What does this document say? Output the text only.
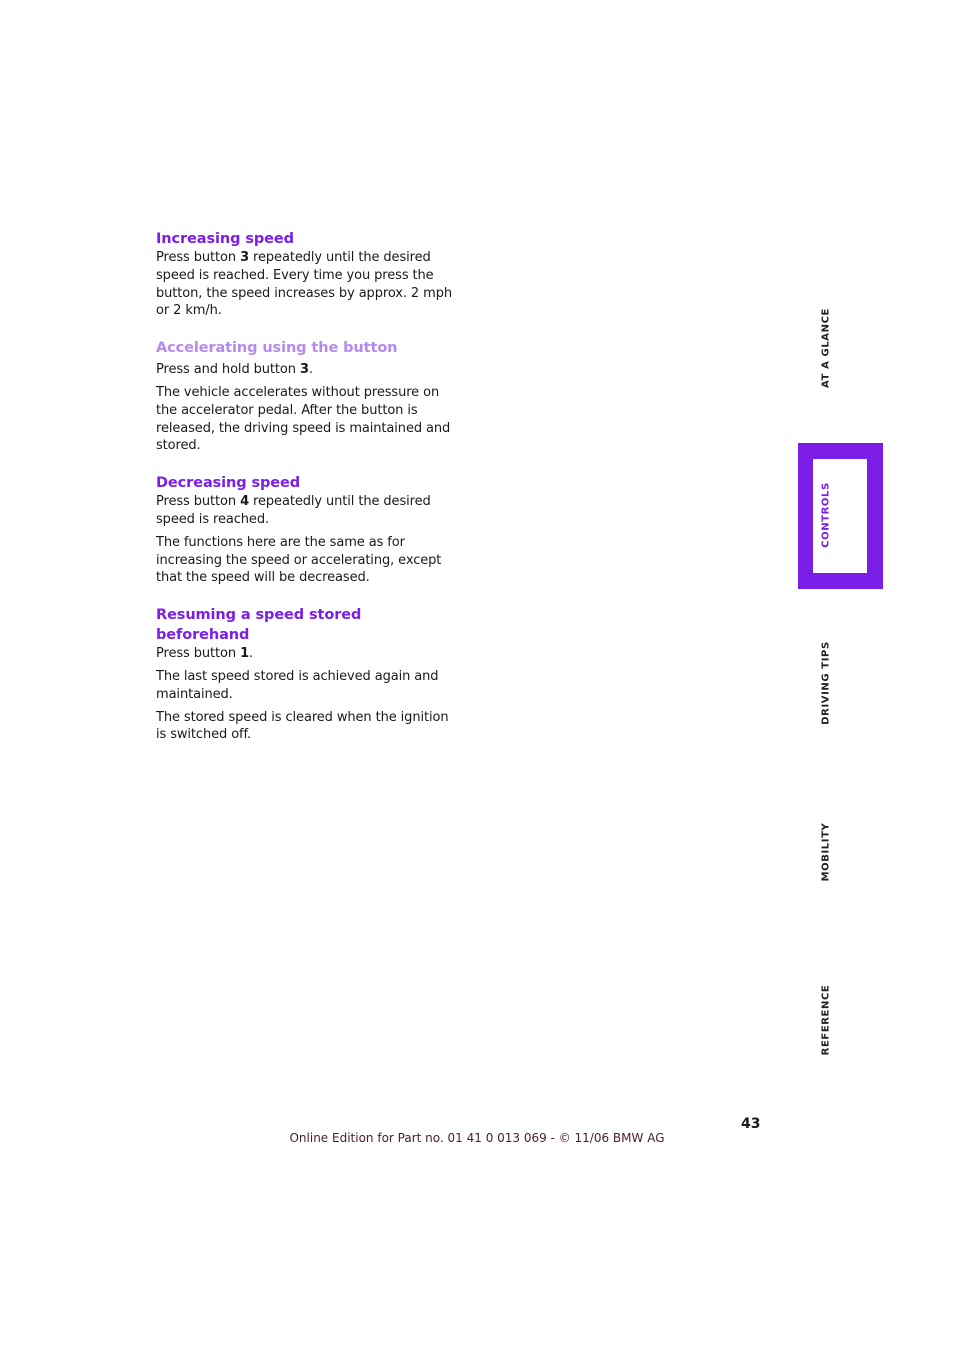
Increasing speed

Press button 3 repeatedly until the desired speed is reached. Every time you press the button, the speed increases by approx. 2 mph or 2 km/h.

Accelerating using the button

Press and hold button 3.

The vehicle accelerates without pressure on the accelerator pedal. After the button is released, the driving speed is maintained and stored.

Decreasing speed

Press button 4 repeatedly until the desired speed is reached.

The functions here are the same as for increasing the speed or accelerating, except that the speed will be decreased.

Resuming a speed stored beforehand

Press button 1.

The last speed stored is achieved again and maintained.

The stored speed is cleared when the ignition is switched off.

AT A GLANCE
CONTROLS
DRIVING TIPS
MOBILITY
REFERENCE
43
Online Edition for Part no. 01 41 0 013 069 - © 11/06 BMW AG
